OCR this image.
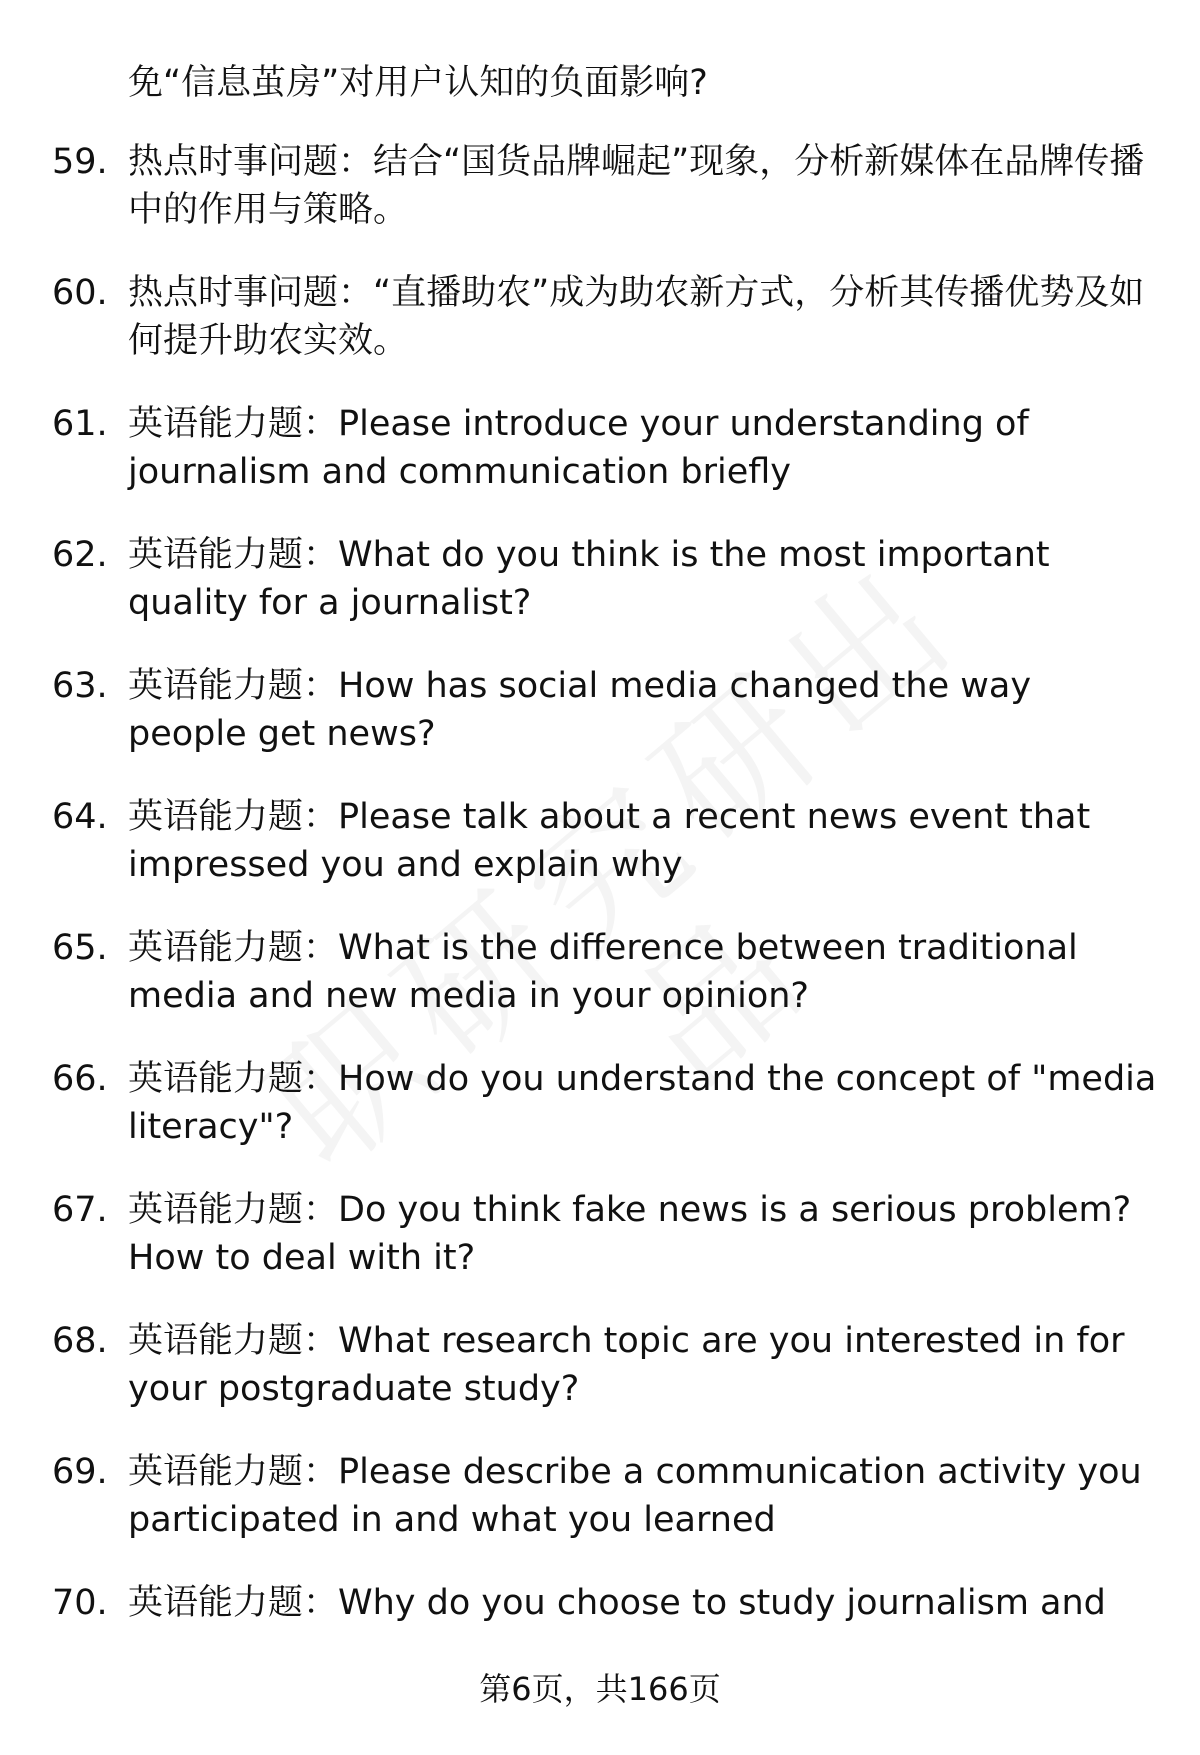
免“信息茧房”对用户认知的负面影响?
59. 热点时事问题：结合“国货品牌崛起”现象，分析新媒体在品牌传播中的作用与策略。
60. 热点时事问题：“直播助农”成为助农新方式，分析其传播优势及如何提升助农实效。
61. 英语能力题：Please introduce your understanding of journalism and communication briefly
62. 英语能力题：What do you think is the most important quality for a journalist?
63. 英语能力题：How has social media changed the way people get news?
64. 英语能力题：Please talk about a recent news event that impressed you and explain why
65. 英语能力题：What is the difference between traditional media and new media in your opinion?
66. 英语能力题：How do you understand the concept of "media literacy"?
67. 英语能力题：Do you think fake news is a serious problem? How to deal with it?
68. 英语能力题：What research topic are you interested in for your postgraduate study?
69. 英语能力题：Please describe a communication activity you participated in and what you learned
70. 英语能力题：Why do you choose to study journalism and
第6页，共166页
